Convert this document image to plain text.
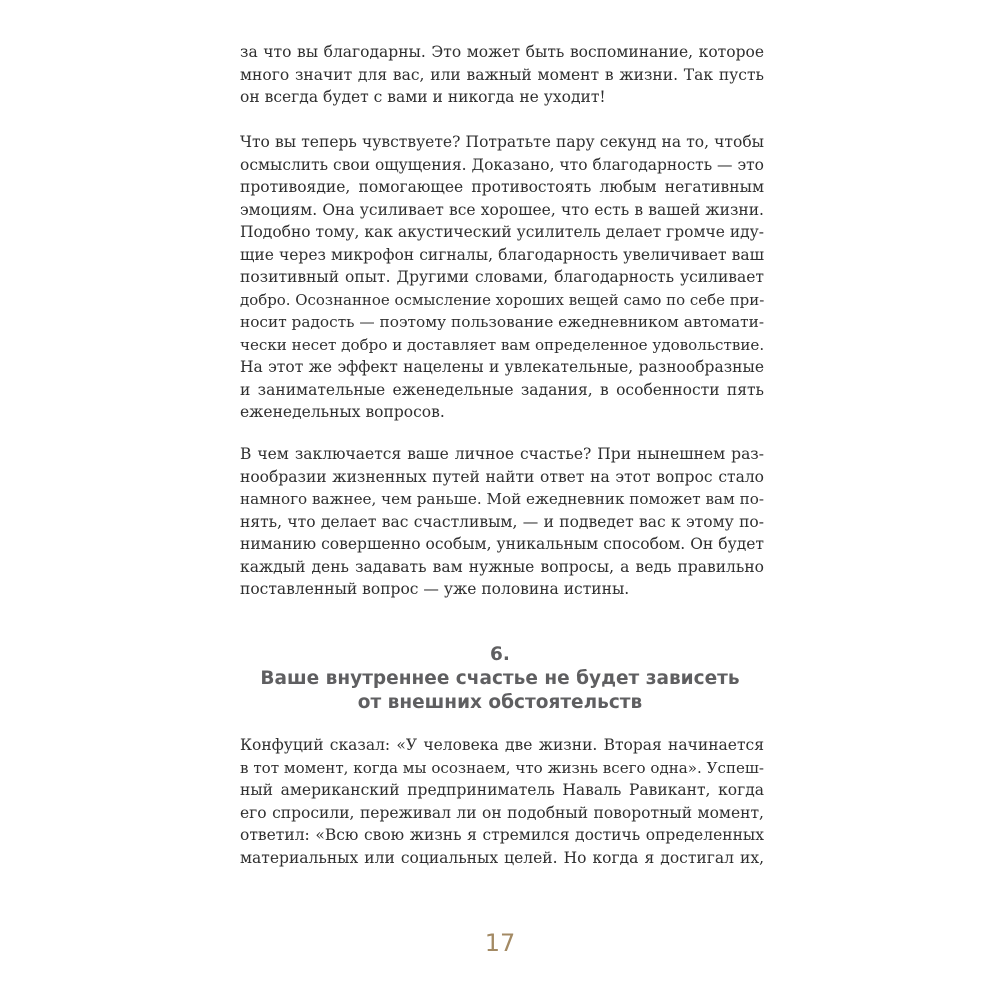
за что вы благодарны. Это может быть воспоминание, которое
много значит для вас, или важный момент в жизни. Так пусть
он всегда будет с вами и никогда не уходит!
Что вы теперь чувствуете? Потратьте пару секунд на то, чтобы
осмыслить свои ощущения. Доказано, что благодарность — это
противоядие, помогающее противостоять любым негативным
эмоциям. Она усиливает все хорошее, что есть в вашей жизни.
Подобно тому, как акустический усилитель делает громче иду-
щие через микрофон сигналы, благодарность увеличивает ваш
позитивный опыт. Другими словами, благодарность усиливает
добро. Осознанное осмысление хороших вещей само по себе при-
носит радость — поэтому пользование ежедневником автомати-
чески несет добро и доставляет вам определенное удовольствие.
На этот же эффект нацелены и увлекательные, разнообразные
и занимательные еженедельные задания, в особенности пять
еженедельных вопросов.
В чем заключается ваше личное счастье? При нынешнем раз-
нообразии жизненных путей найти ответ на этот вопрос стало
намного важнее, чем раньше. Мой ежедневник поможет вам по-
нять, что делает вас счастливым, — и подведет вас к этому по-
ниманию совершенно особым, уникальным способом. Он будет
каждый день задавать вам нужные вопросы, а ведь правильно
поставленный вопрос — уже половина истины.
6.
Ваше внутреннее счастье не будет зависеть
от внешних обстоятельств
Конфуций сказал: «У человека две жизни. Вторая начинается
в тот момент, когда мы осознаем, что жизнь всего одна». Успеш-
ный американский предприниматель Наваль Равикант, когда
его спросили, переживал ли он подобный поворотный момент,
ответил: «Всю свою жизнь я стремился достичь определенных
материальных или социальных целей. Но когда я достигал их,
17
